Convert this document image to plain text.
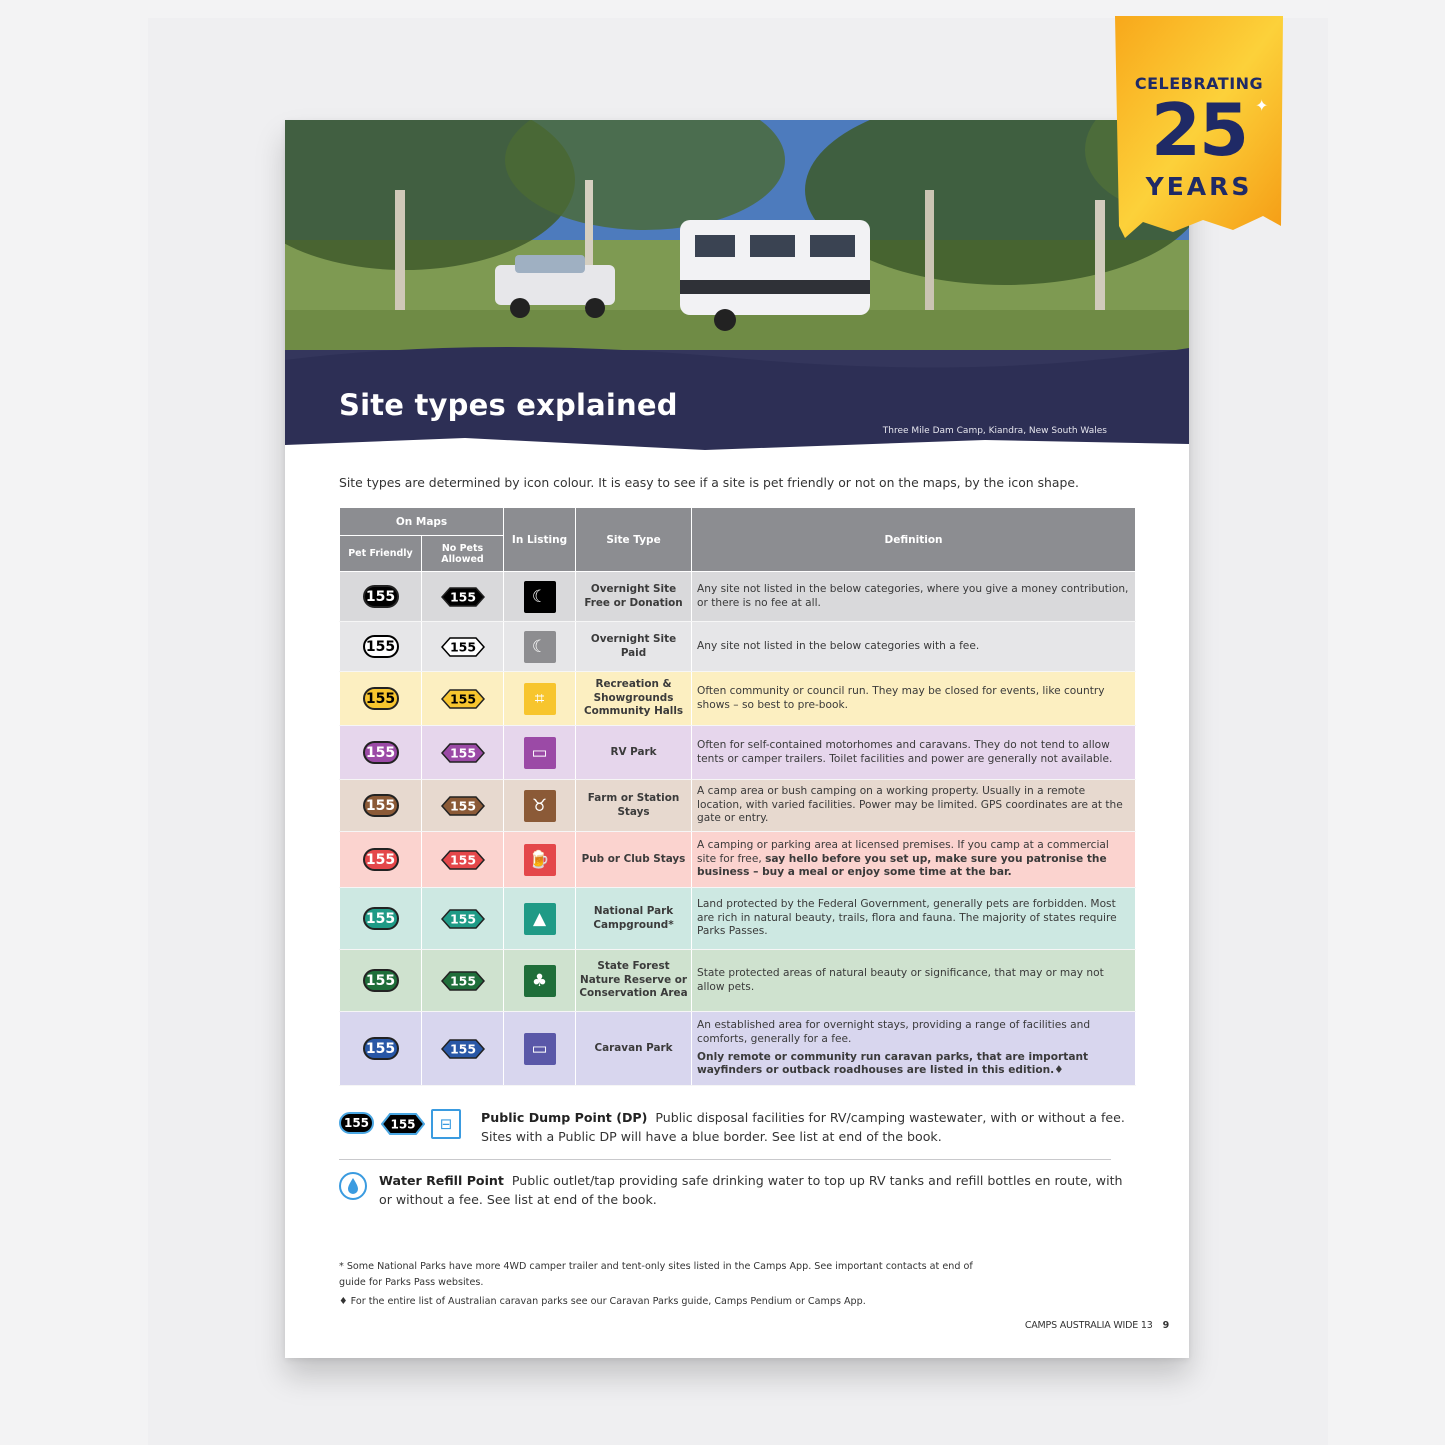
Site types explained
Three Mile Dam Camp, Kiandra, New South Wales
Site types are determined by icon colour. It is easy to see if a site is pet friendly or not on the maps, by the icon shape.
On Maps		In Listing	Site Type	Definition
Pet Friendly	No Pets Allowed			
155	155	☾	Overnight Site Free or Donation	Any site not listed in the below categories, where you give a money contribution, or there is no fee at all.
155	155	☾	Overnight Site Paid	Any site not listed in the below categories with a fee.
155	155	⌗	Recreation & Showgrounds Community Halls	Often community or council run. They may be closed for events, like country shows – so best to pre-book.
155	155	▭	RV Park	Often for self-contained motorhomes and caravans. They do not tend to allow tents or camper trailers. Toilet facilities and power are generally not available.
155	155	♉	Farm or Station Stays	A camp area or bush camping on a working property. Usually in a remote location, with varied facilities. Power may be limited. GPS coordinates are at the gate or entry.
155	155	🍺	Pub or Club Stays	A camping or parking area at licensed premises. If you camp at a commercial site for free, say hello before you set up, make sure you patronise the business – buy a meal or enjoy some time at the bar.
155	155	▲	National Park Campground*	Land protected by the Federal Government, generally pets are forbidden. Most are rich in natural beauty, trails, flora and fauna. The majority of states require Parks Passes.
155	155	♣	State Forest Nature Reserve or Conservation Area	State protected areas of natural beauty or significance, that may or may not allow pets.
155	155	▭	Caravan Park	An established area for overnight stays, providing a range of facilities and comforts, generally for a fee.
Only remote or community run caravan parks, that are important wayfinders or outback roadhouses are listed in this edition.♦
155	155	⊟	Public Dump Point (DP) Public disposal facilities for RV/camping wastewater, with or without a fee. Sites with a Public DP will have a blue border. See list at end of the book.
Water Refill Point Public outlet/tap providing safe drinking water to top up RV tanks and refill bottles en route, with or without a fee. See list at end of the book.
* Some National Parks have more 4WD camper trailer and tent-only sites listed in the Camps App. See important contacts at end of guide for Parks Pass websites.
♦ For the entire list of Australian caravan parks see our Caravan Parks guide, Camps Pendium or Camps App.
CAMPS AUSTRALIA WIDE 13 9
CELEBRATING
25
YEARS
✦
